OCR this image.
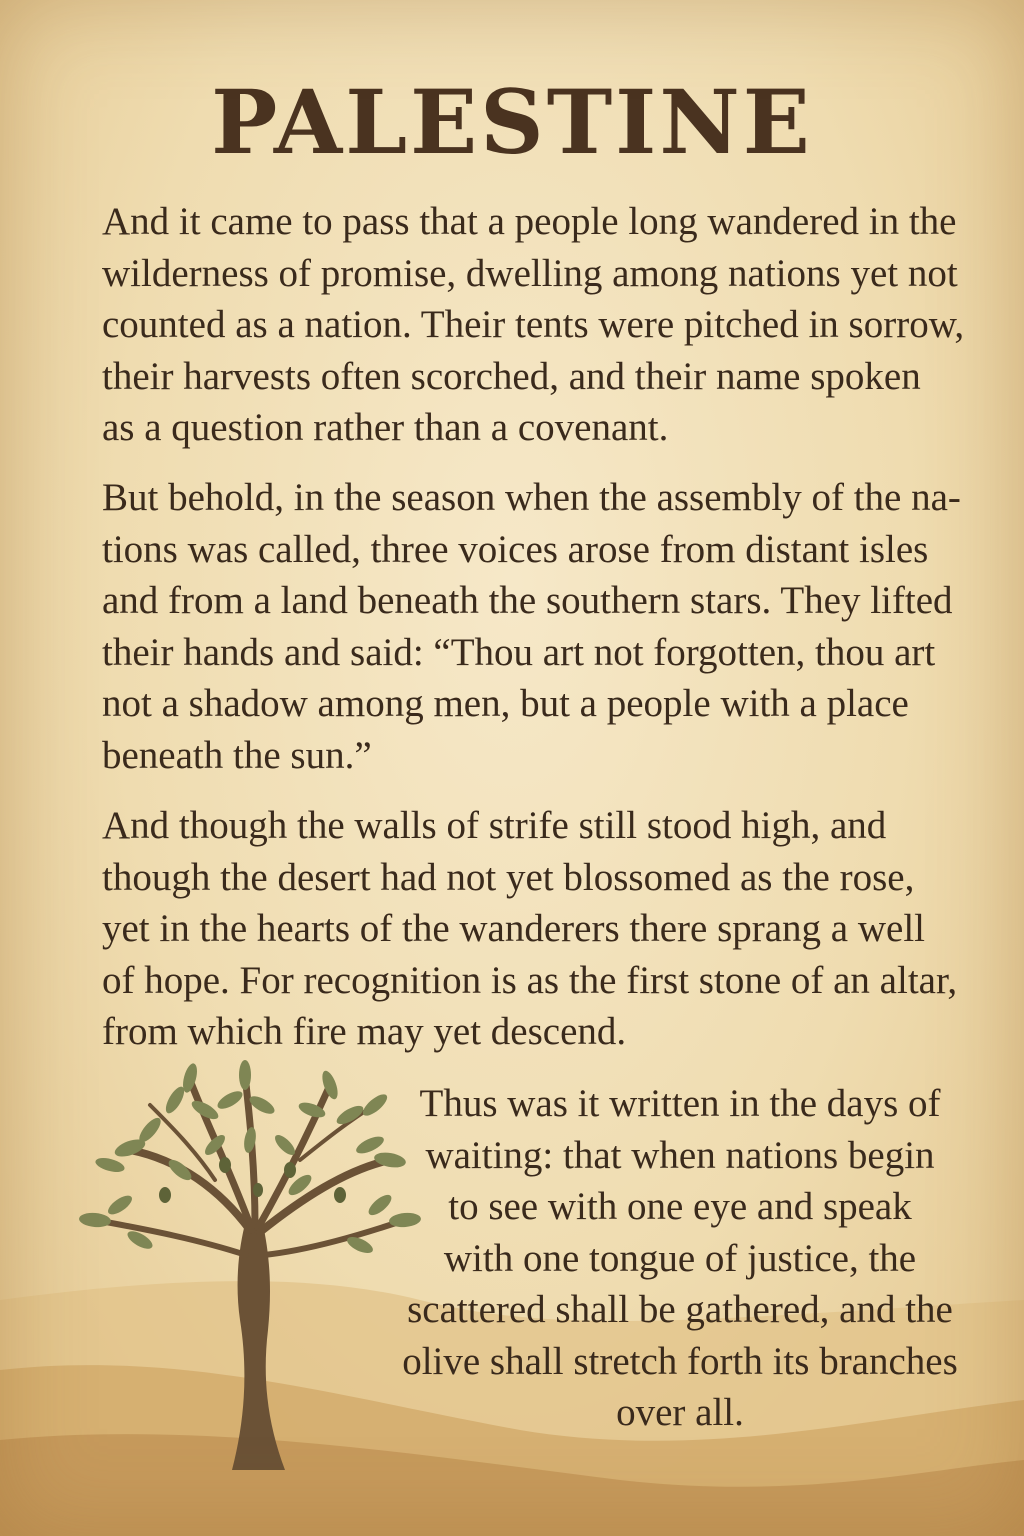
PALESTINE

And it came to pass that a people long wandered in the
wilderness of promise, dwelling among nations yet not
counted as a nation. Their tents were pitched in sorrow,
their harvests often scorched, and their name spoken
as a question rather than a covenant.

But behold, in the season when the assembly of the na-
tions was called, three voices arose from distant isles
and from a land beneath the southern stars. They lifted
their hands and said: “Thou art not forgotten, thou art
not a shadow among men, but a people with a place
beneath the sun.”

And though the walls of strife still stood high, and
though the desert had not yet blossomed as the rose,
yet in the hearts of the wanderers there sprang a well
of hope. For recognition is as the first stone of an altar,
from which fire may yet descend.

Thus was it written in the days of
waiting: that when nations begin
to see with one eye and speak
with one tongue of justice, the
scattered shall be gathered, and the
olive shall stretch forth its branches
over all.
